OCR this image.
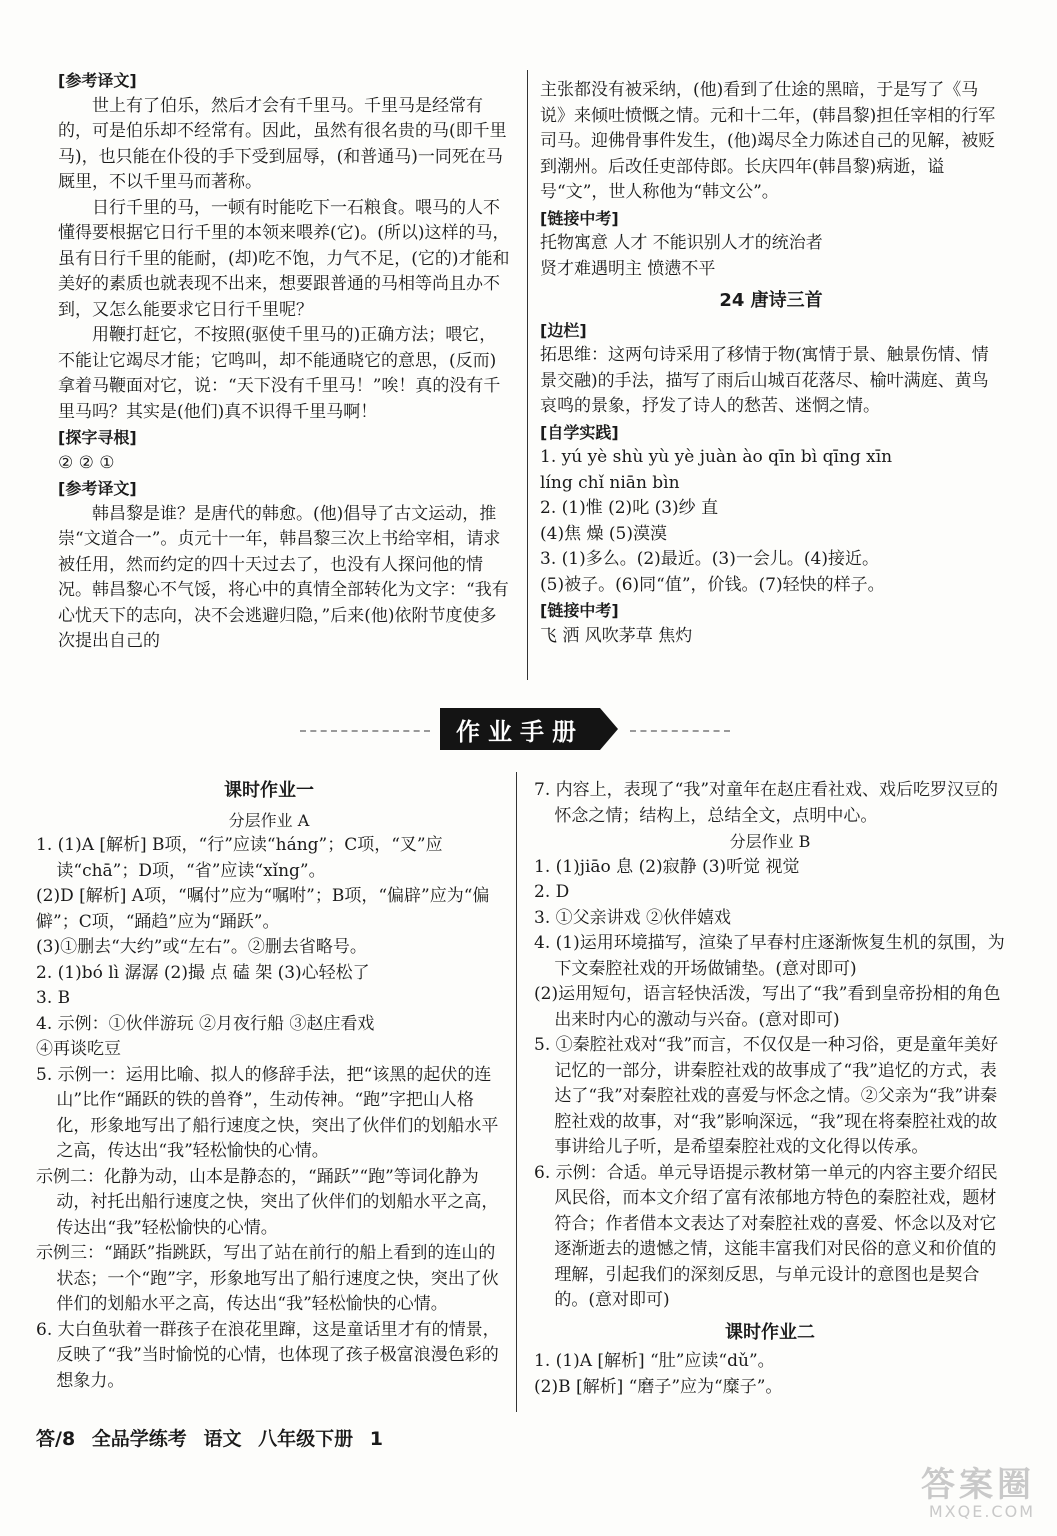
[参考译文]

世上有了伯乐，然后才会有千里马。千里马是经常有的，可是伯乐却不经常有。因此，虽然有很名贵的马(即千里马)，也只能在仆役的手下受到屈辱，(和普通马)一同死在马厩里，不以千里马而著称。

日行千里的马，一顿有时能吃下一石粮食。喂马的人不懂得要根据它日行千里的本领来喂养(它)。(所以)这样的马，虽有日行千里的能耐，(却)吃不饱，力气不足，(它的)才能和美好的素质也就表现不出来，想要跟普通的马相等尚且办不到，又怎么能要求它日行千里呢？

用鞭打赶它，不按照(驱使千里马的)正确方法；喂它，不能让它竭尽才能；它鸣叫，却不能通晓它的意思，(反而)拿着马鞭面对它，说：“天下没有千里马！”唉！真的没有千里马吗？其实是(他们)真不识得千里马啊！

[探字寻根]

② ② ①

[参考译文]

韩昌黎是谁？是唐代的韩愈。(他)倡导了古文运动，推崇“文道合一”。贞元十一年，韩昌黎三次上书给宰相，请求被任用，然而约定的四十天过去了，也没有人探问他的情况。韩昌黎心不气馁，将心中的真情全部转化为文字：“我有心忧天下的志向，决不会逃避归隐，”后来(他)依附节度使多次提出自己的

主张都没有被采纳，(他)看到了仕途的黑暗，于是写了《马说》来倾吐愤慨之情。元和十二年，(韩昌黎)担任宰相的行军司马。迎佛骨事件发生，(他)竭尽全力陈述自己的见解，被贬到潮州。后改任吏部侍郎。长庆四年(韩昌黎)病逝，谥号“文”，世人称他为“韩文公”。

[链接中考]

托物寓意 人才 不能识别人才的统治者

贤才难遇明主 愤懑不平

24 唐诗三首

[边栏]

拓思维：这两句诗采用了移情于物(寓情于景、触景伤情、情景交融)的手法，描写了雨后山城百花落尽、榆叶满庭、黄鸟哀鸣的景象，抒发了诗人的愁苦、迷惘之情。

[自学实践]

1. yú yè shù yù yè juàn ào qīn bì qīng xīn

líng chǐ niān bìn

2. (1)惟 (2)叱 (3)纱 直

(4)焦 燥 (5)漠漠

3. (1)多么。(2)最近。(3)一会儿。(4)接近。

(5)被子。(6)同“值”，价钱。(7)轻快的样子。

[链接中考]

飞 洒 风吹茅草 焦灼

作业手册

课时作业一

分层作业 A

1. (1)A [解析] B项，“行”应读“háng”；C项，“叉”应读“chā”；D项，“省”应读“xǐng”。

(2)D [解析] A项，“嘱付”应为“嘱咐”；B项，“偏辟”应为“偏僻”；C项，“踊趋”应为“踊跃”。

(3)①删去“大约”或“左右”。②删去省略号。

2. (1)bó lì 潺潺 (2)撮 点 磕 架 (3)心轻松了

3. B

4. 示例：①伙伴游玩 ②月夜行船 ③赵庄看戏

④再谈吃豆

5. 示例一：运用比喻、拟人的修辞手法，把“该黑的起伏的连山”比作“踊跃的铁的兽脊”，生动传神。“跑”字把山人格化，形象地写出了船行速度之快，突出了伙伴们的划船水平之高，传达出“我”轻松愉快的心情。

示例二：化静为动，山本是静态的，“踊跃”“跑”等词化静为动，衬托出船行速度之快，突出了伙伴们的划船水平之高，传达出“我”轻松愉快的心情。

示例三：“踊跃”指跳跃，写出了站在前行的船上看到的连山的状态；一个“跑”字，形象地写出了船行速度之快，突出了伙伴们的划船水平之高，传达出“我”轻松愉快的心情。

6. 大白鱼驮着一群孩子在浪花里蹿，这是童话里才有的情景，反映了“我”当时愉悦的心情，也体现了孩子极富浪漫色彩的想象力。

7. 内容上，表现了“我”对童年在赵庄看社戏、戏后吃罗汉豆的怀念之情；结构上，总结全文，点明中心。

分层作业 B

1. (1)jiāo 息 (2)寂静 (3)听觉 视觉

2. D

3. ①父亲讲戏 ②伙伴嬉戏

4. (1)运用环境描写，渲染了早春村庄逐渐恢复生机的氛围，为下文秦腔社戏的开场做铺垫。(意对即可)

(2)运用短句，语言轻快活泼，写出了“我”看到皇帝扮相的角色出来时内心的激动与兴奋。(意对即可)

5. ①秦腔社戏对“我”而言，不仅仅是一种习俗，更是童年美好记忆的一部分，讲秦腔社戏的故事成了“我”追忆的方式，表达了“我”对秦腔社戏的喜爱与怀念之情。②父亲为“我”讲秦腔社戏的故事，对“我”影响深远，“我”现在将秦腔社戏的故事讲给儿子听，是希望秦腔社戏的文化得以传承。

6. 示例：合适。单元导语提示教材第一单元的内容主要介绍民风民俗，而本文介绍了富有浓郁地方特色的秦腔社戏，题材符合；作者借本文表达了对秦腔社戏的喜爱、怀念以及对它逐渐逝去的遗憾之情，这能丰富我们对民俗的意义和价值的理解，引起我们的深刻反思，与单元设计的意图也是契合的。(意对即可)

课时作业二

1. (1)A [解析] “肚”应读“dǔ”。

(2)B [解析] “磨子”应为“糜子”。

答/8 全品学练考 语文 八年级下册 1
答案圈
MXQE.COM
